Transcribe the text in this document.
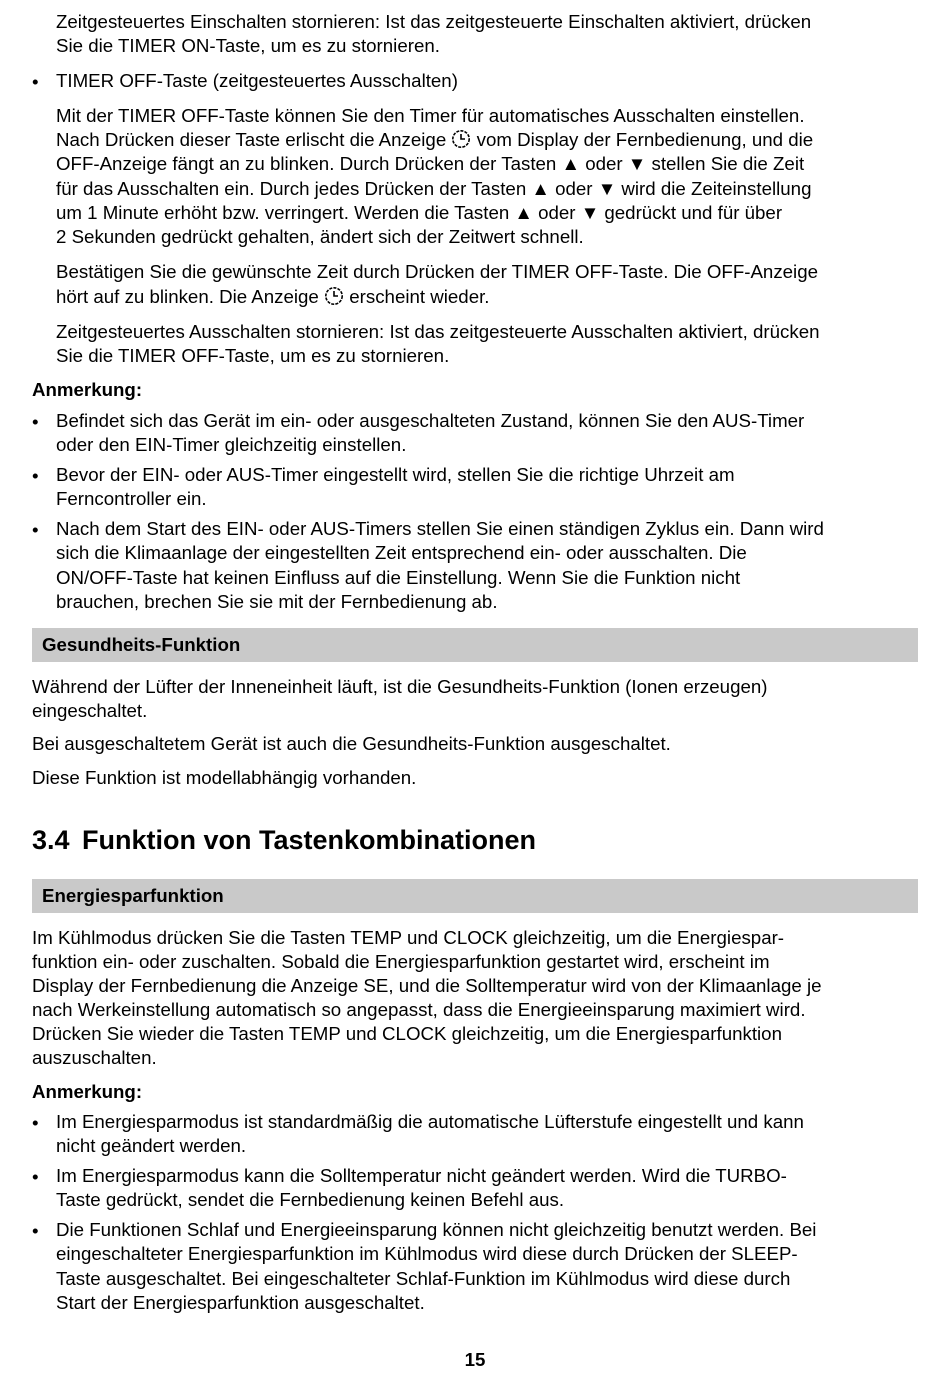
Zeitgesteuertes Einschalten stornieren: Ist das zeitgesteuerte Einschalten aktiviert, drücken

Sie die TIMER ON-Taste, um es zu stornieren.

• TIMER OFF-Taste (zeitgesteuertes Ausschalten)

Mit der TIMER OFF-Taste können Sie den Timer für automatisches Ausschalten einstellen.

Nach Drücken dieser Taste erlischt die Anzeige vom Display der Fernbedienung, und die

OFF-Anzeige fängt an zu blinken. Durch Drücken der Tasten ▲ oder ▼ stellen Sie die Zeit

für das Ausschalten ein. Durch jedes Drücken der Tasten ▲ oder ▼ wird die Zeiteinstellung

um 1 Minute erhöht bzw. verringert. Werden die Tasten ▲ oder ▼ gedrückt und für über

2 Sekunden gedrückt gehalten, ändert sich der Zeitwert schnell.

Bestätigen Sie die gewünschte Zeit durch Drücken der TIMER OFF-Taste. Die OFF-Anzeige

hört auf zu blinken. Die Anzeige erscheint wieder.

Zeitgesteuertes Ausschalten stornieren: Ist das zeitgesteuerte Ausschalten aktiviert, drücken

Sie die TIMER OFF-Taste, um es zu stornieren.

Anmerkung:
• Befindet sich das Gerät im ein- oder ausgeschalteten Zustand, können Sie den AUS-Timer

oder den EIN-Timer gleichzeitig einstellen.

• Bevor der EIN- oder AUS-Timer eingestellt wird, stellen Sie die richtige Uhrzeit am

Ferncontroller ein.

• Nach dem Start des EIN- oder AUS-Timers stellen Sie einen ständigen Zyklus ein. Dann wird

sich die Klimaanlage der eingestellten Zeit entsprechend ein- oder ausschalten. Die

ON/OFF-Taste hat keinen Einfluss auf die Einstellung. Wenn Sie die Funktion nicht

brauchen, brechen Sie sie mit der Fernbedienung ab.

Gesundheits-Funktion

Während der Lüfter der Inneneinheit läuft, ist die Gesundheits-Funktion (Ionen erzeugen)

eingeschaltet.

Bei ausgeschaltetem Gerät ist auch die Gesundheits-Funktion ausgeschaltet.

Diese Funktion ist modellabhängig vorhanden.

3.4 Funktion von Tastenkombinationen
Energiesparfunktion

Im Kühlmodus drücken Sie die Tasten TEMP und CLOCK gleichzeitig, um die Energiespar-

funktion ein- oder zuschalten. Sobald die Energiesparfunktion gestartet wird, erscheint im

Display der Fernbedienung die Anzeige SE, und die Solltemperatur wird von der Klimaanlage je

nach Werkeinstellung automatisch so angepasst, dass die Energieeinsparung maximiert wird.

Drücken Sie wieder die Tasten TEMP und CLOCK gleichzeitig, um die Energiesparfunktion

auszuschalten.

Anmerkung:
• Im Energiesparmodus ist standardmäßig die automatische Lüfterstufe eingestellt und kann

nicht geändert werden.

• Im Energiesparmodus kann die Solltemperatur nicht geändert werden. Wird die TURBO-

Taste gedrückt, sendet die Fernbedienung keinen Befehl aus.

• Die Funktionen Schlaf und Energieeinsparung können nicht gleichzeitig benutzt werden. Bei

eingeschalteter Energiesparfunktion im Kühlmodus wird diese durch Drücken der SLEEP-

Taste ausgeschaltet. Bei eingeschalteter Schlaf-Funktion im Kühlmodus wird diese durch

Start der Energiesparfunktion ausgeschaltet.

15
